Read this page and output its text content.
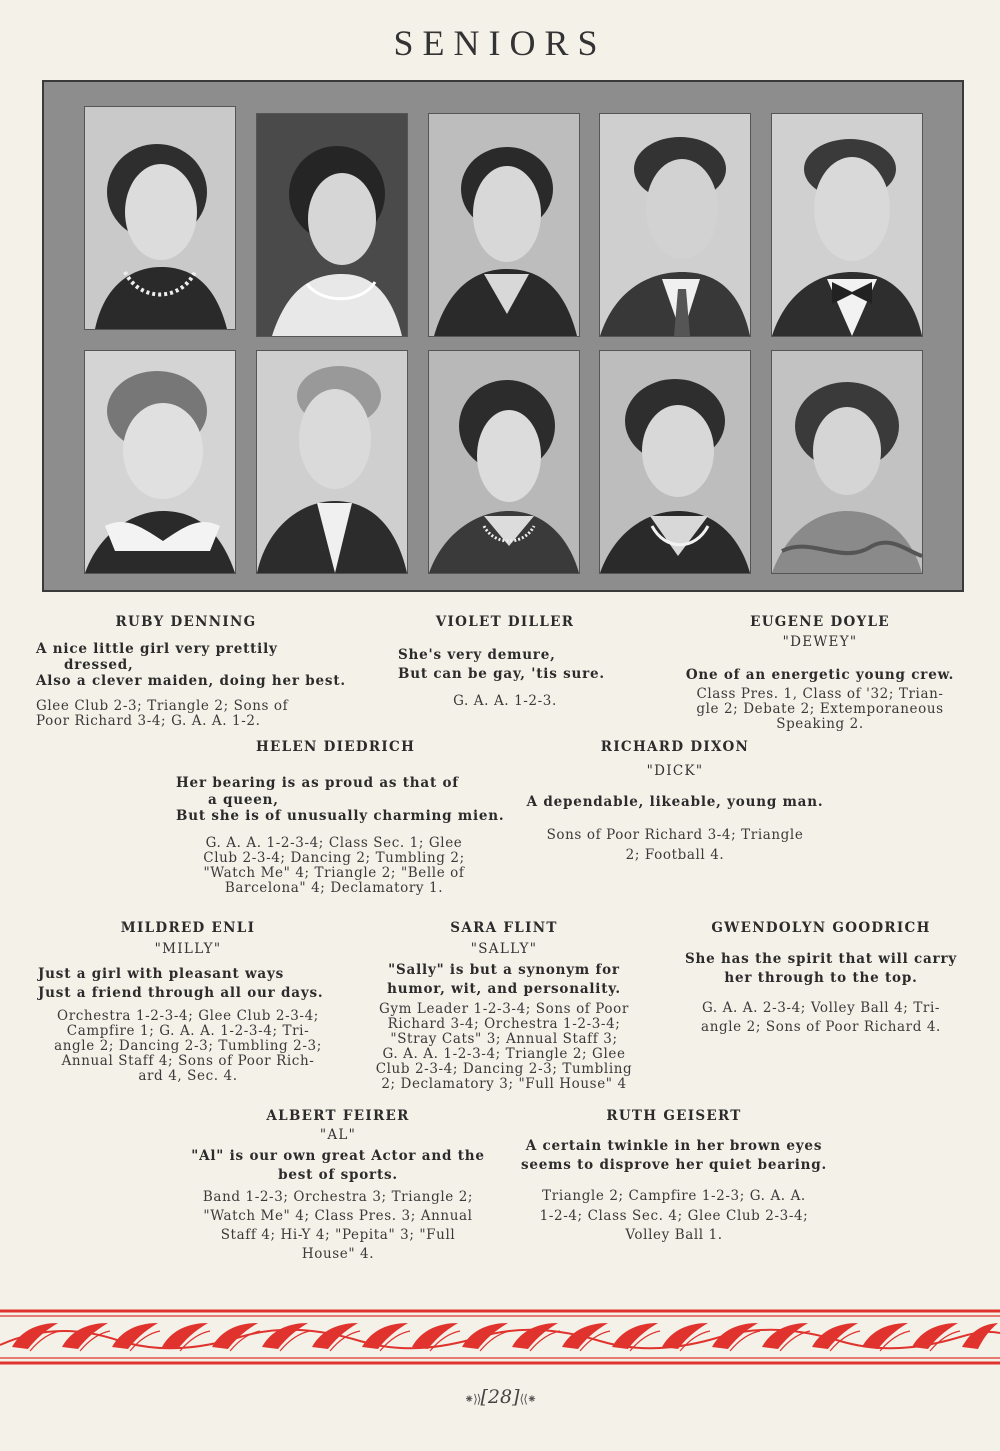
SENIORS
RUBY DENNING
A nice little girl very prettily
dressed,
Also a clever maiden, doing her best.
Glee Club 2-3; Triangle 2; Sons of
Poor Richard 3-4; G. A. A. 1-2.
VIOLET DILLER
She's very demure,
But can be gay, 'tis sure.
G. A. A. 1-2-3.
EUGENE DOYLE
"DEWEY"
One of an energetic young crew.
Class Pres. 1, Class of '32; Trian-
gle 2; Debate 2; Extemporaneous
Speaking 2.
HELEN DIEDRICH
Her bearing is as proud as that of
a queen,
But she is of unusually charming mien.
G. A. A. 1-2-3-4; Class Sec. 1; Glee
Club 2-3-4; Dancing 2; Tumbling 2;
"Watch Me" 4; Triangle 2; "Belle of
Barcelona" 4; Declamatory 1.
RICHARD DIXON
"DICK"
A dependable, likeable, young man.
Sons of Poor Richard 3-4; Triangle
2; Football 4.
MILDRED ENLI
"MILLY"
Just a girl with pleasant ways
Just a friend through all our days.
Orchestra 1-2-3-4; Glee Club 2-3-4;
Campfire 1; G. A. A. 1-2-3-4; Tri-
angle 2; Dancing 2-3; Tumbling 2-3;
Annual Staff 4; Sons of Poor Rich-
ard 4, Sec. 4.
SARA FLINT
"SALLY"
"Sally" is but a synonym for
humor, wit, and personality.
Gym Leader 1-2-3-4; Sons of Poor
Richard 3-4; Orchestra 1-2-3-4;
"Stray Cats" 3; Annual Staff 3;
G. A. A. 1-2-3-4; Triangle 2; Glee
Club 2-3-4; Dancing 2-3; Tumbling
2; Declamatory 3; "Full House" 4
GWENDOLYN GOODRICH
She has the spirit that will carry
her through to the top.
G. A. A. 2-3-4; Volley Ball 4; Tri-
angle 2; Sons of Poor Richard 4.
ALBERT FEIRER
"AL"
"Al" is our own great Actor and the
best of sports.
Band 1-2-3; Orchestra 3; Triangle 2;
"Watch Me" 4; Class Pres. 3; Annual
Staff 4; Hi-Y 4; "Pepita" 3; "Full
House" 4.
RUTH GEISERT
A certain twinkle in her brown eyes
seems to disprove her quiet bearing.
Triangle 2; Campfire 1-2-3; G. A. A.
1-2-4; Class Sec. 4; Glee Club 2-3-4;
Volley Ball 1.
⁕⟩⟩[28]⟨⟨⁕
